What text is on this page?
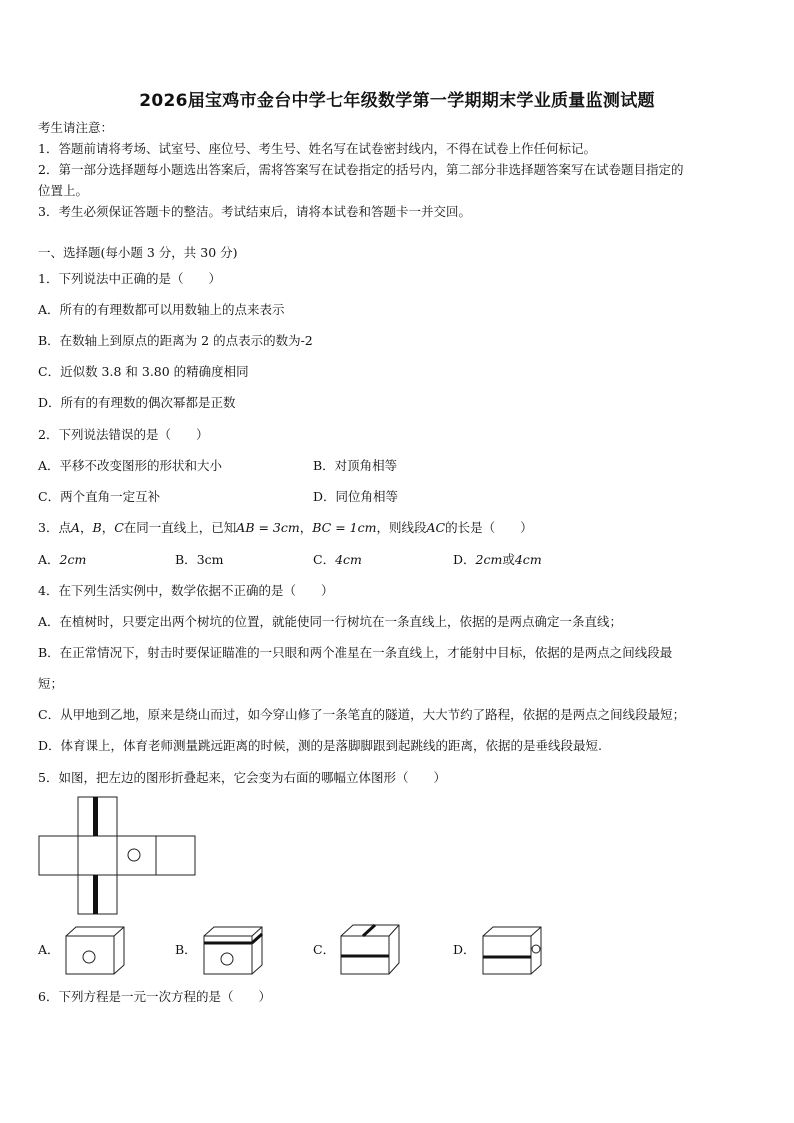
2026届宝鸡市金台中学七年级数学第一学期期末学业质量监测试题
考生请注意：
1．答题前请将考场、试室号、座位号、考生号、姓名写在试卷密封线内，不得在试卷上作任何标记。
2．第一部分选择题每小题选出答案后，需将答案写在试卷指定的括号内，第二部分非选择题答案写在试卷题目指定的
位置上。
3．考生必须保证答题卡的整洁。考试结束后，请将本试卷和答题卡一并交回。
一、选择题(每小题 3 分，共 30 分)
1．下列说法中正确的是（　　）
A．所有的有理数都可以用数轴上的点来表示
B．在数轴上到原点的距离为 2 的点表示的数为-2
C．近似数 3.8 和 3.80 的精确度相同
D．所有的有理数的偶次幂都是正数
2．下列说法错误的是（　　）
A．平移不改变图形的形状和大小	B．对顶角相等
C．两个直角一定互补	D．同位角相等
3．点A，B，C在同一直线上，已知AB = 3cm，BC = 1cm，则线段AC的长是（　　）
A．2cm	B．3cm	C．4cm	D．2cm或4cm
4．在下列生活实例中，数学依据不正确的是（　　）
A．在植树时，只要定出两个树坑的位置，就能使同一行树坑在一条直线上，依据的是两点确定一条直线；
B．在正常情况下，射击时要保证瞄准的一只眼和两个准星在一条直线上，才能射中目标，依据的是两点之间线段最
短；
C．从甲地到乙地，原来是绕山而过，如今穿山修了一条笔直的隧道，大大节约了路程，依据的是两点之间线段最短；
D．体育课上，体育老师测量跳远距离的时候，测的是落脚脚跟到起跳线的距离，依据的是垂线段最短.
5．如图，把左边的图形折叠起来，它会变为右面的哪幅立体图形（　　）
A．	B．	C．	D．
6．下列方程是一元一次方程的是（　　）
